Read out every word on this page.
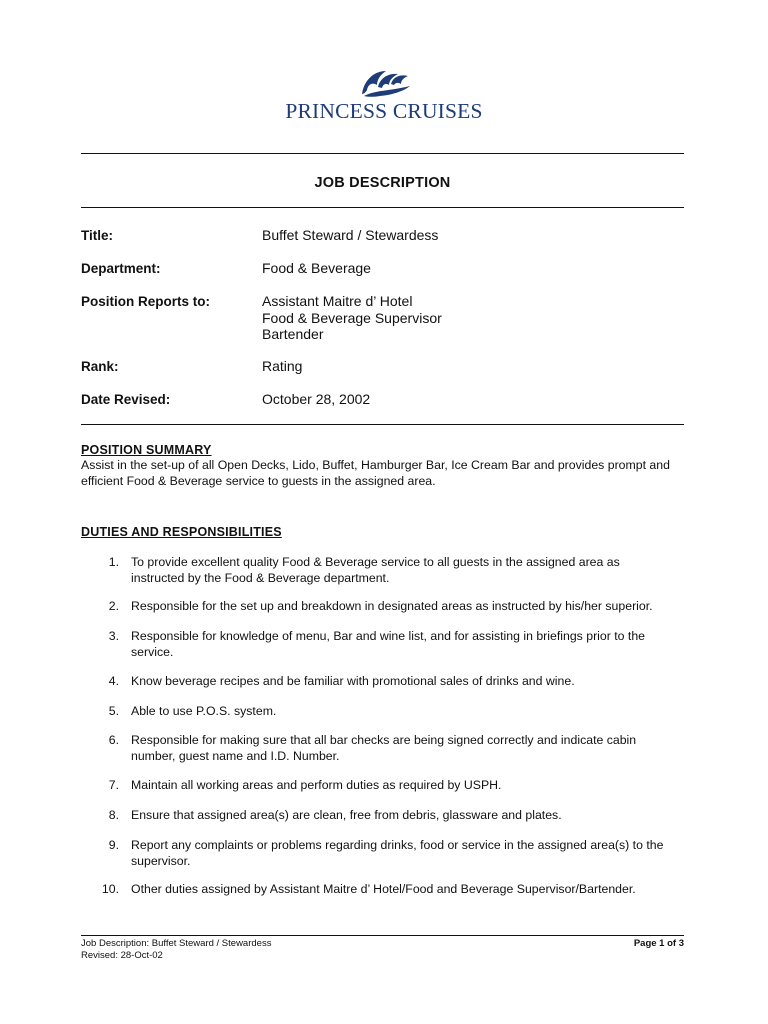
PRINCESS CRUISES
JOB DESCRIPTION
Title:	Buffet Steward / Stewardess
Department:	Food & Beverage
Position Reports to:	Assistant Maitre d’ Hotel
Food & Beverage Supervisor
Bartender
Rank:	Rating
Date Revised:	October 28, 2002
POSITION SUMMARY
Assist in the set-up of all Open Decks, Lido, Buffet, Hamburger Bar, Ice Cream Bar and provides prompt and
efficient Food & Beverage service to guests in the assigned area.
DUTIES AND RESPONSIBILITIES
1. To provide excellent quality Food & Beverage service to all guests in the assigned area as
instructed by the Food & Beverage department.
2. Responsible for the set up and breakdown in designated areas as instructed by his/her superior.
3. Responsible for knowledge of menu, Bar and wine list, and for assisting in briefings prior to the
service.
4. Know beverage recipes and be familiar with promotional sales of drinks and wine.
5. Able to use P.O.S. system.
6. Responsible for making sure that all bar checks are being signed correctly and indicate cabin
number, guest name and I.D. Number.
7. Maintain all working areas and perform duties as required by USPH.
8. Ensure that assigned area(s) are clean, free from debris, glassware and plates.
9. Report any complaints or problems regarding drinks, food or service in the assigned area(s) to the
supervisor.
10. Other duties assigned by Assistant Maitre d’ Hotel/Food and Beverage Supervisor/Bartender.
Job Description: Buffet Steward / Stewardess
Revised: 28-Oct-02
Page 1 of 3
